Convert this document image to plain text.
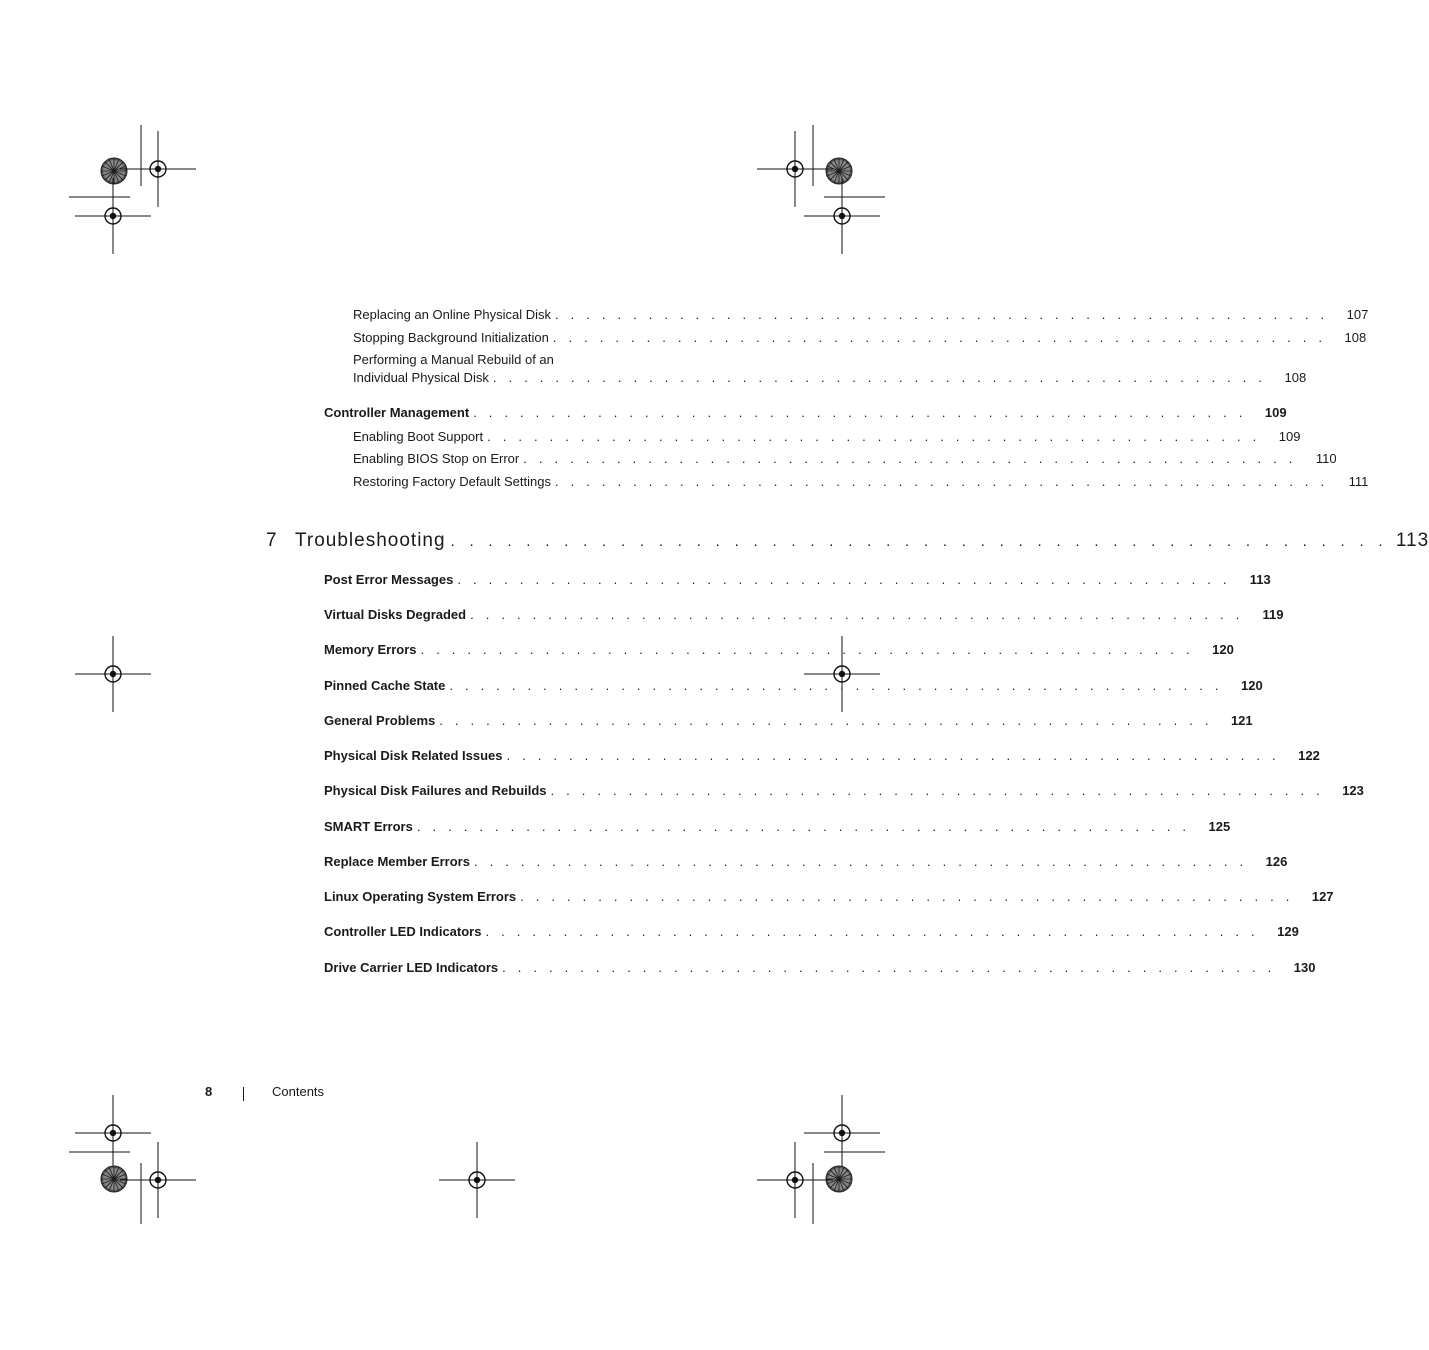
Replacing an Online Physical Disk . . . . . . . . . . . . . . . . . . . . . . . . . . . . . . . . . . . . . . . . . . . . . . . . . .	107
Stopping Background Initialization . . . . . . . . . . . . . . . . . . . . . . . . . . . . . . . . . . . . . . . . . . . . . . . . . .	108
Performing a Manual Rebuild of an
Individual Physical Disk . . . . . . . . . . . . . . . . . . . . . . . . . . . . . . . . . . . . . . . . . . . . . . . . . .	108
Controller Management . . . . . . . . . . . . . . . . . . . . . . . . . . . . . . . . . . . . . . . . . . . . . . . . . .	109
Enabling Boot Support . . . . . . . . . . . . . . . . . . . . . . . . . . . . . . . . . . . . . . . . . . . . . . . . . .	109
Enabling BIOS Stop on Error . . . . . . . . . . . . . . . . . . . . . . . . . . . . . . . . . . . . . . . . . . . . . . . . . .	110
Restoring Factory Default Settings . . . . . . . . . . . . . . . . . . . . . . . . . . . . . . . . . . . . . . . . . . . . . . . . . .	111
7 Troubleshooting . . . . . . . . . . . . . . . . . . . . . . . . . . . . . . . . . . . . . . . . . . . . . . . . . . 113
Post Error Messages . . . . . . . . . . . . . . . . . . . . . . . . . . . . . . . . . . . . . . . . . . . . . . . . . .	113
Virtual Disks Degraded . . . . . . . . . . . . . . . . . . . . . . . . . . . . . . . . . . . . . . . . . . . . . . . . . .	119
Memory Errors . . . . . . . . . . . . . . . . . . . . . . . . . . . . . . . . . . . . . . . . . . . . . . . . . .	120
Pinned Cache State . . . . . . . . . . . . . . . . . . . . . . . . . . . . . . . . . . . . . . . . . . . . . . . . . .	120
General Problems . . . . . . . . . . . . . . . . . . . . . . . . . . . . . . . . . . . . . . . . . . . . . . . . . .	121
Physical Disk Related Issues . . . . . . . . . . . . . . . . . . . . . . . . . . . . . . . . . . . . . . . . . . . . . . . . . .	122
Physical Disk Failures and Rebuilds . . . . . . . . . . . . . . . . . . . . . . . . . . . . . . . . . . . . . . . . . . . . . . . . . .	123
SMART Errors . . . . . . . . . . . . . . . . . . . . . . . . . . . . . . . . . . . . . . . . . . . . . . . . . .	125
Replace Member Errors . . . . . . . . . . . . . . . . . . . . . . . . . . . . . . . . . . . . . . . . . . . . . . . . . .	126
Linux Operating System Errors . . . . . . . . . . . . . . . . . . . . . . . . . . . . . . . . . . . . . . . . . . . . . . . . . .	127
Controller LED Indicators . . . . . . . . . . . . . . . . . . . . . . . . . . . . . . . . . . . . . . . . . . . . . . . . . .	129
Drive Carrier LED Indicators . . . . . . . . . . . . . . . . . . . . . . . . . . . . . . . . . . . . . . . . . . . . . . . . . .	130
8	Contents
